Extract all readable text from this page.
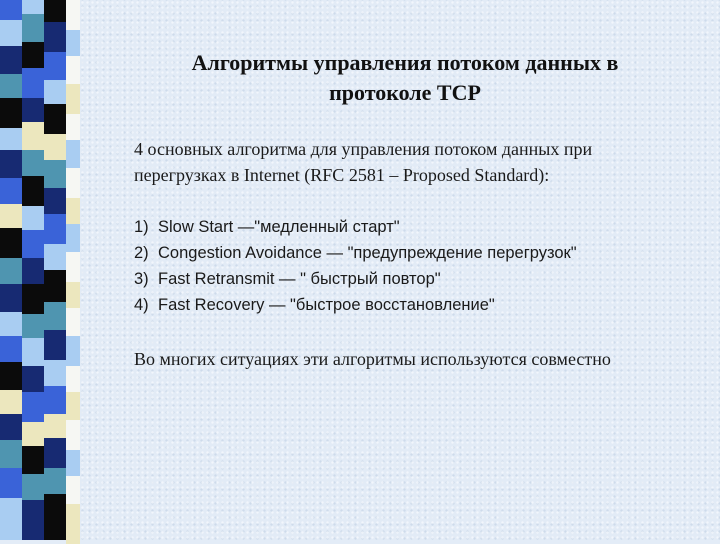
Алгоритмы управления потоком данных в
протоколе TCP

4 основных алгоритма для управления потоком данных при
перегрузках в Internet (RFC 2581 – Proposed Standard):

1) Slow Start —"медленный старт"
2) Congestion Avoidance — "предупреждение перегрузок"
3) Fast Retransmit — " быстрый повтор"
4) Fast Recovery — "быстрое восстановление"

Во многих ситуациях эти алгоритмы используются совместно
